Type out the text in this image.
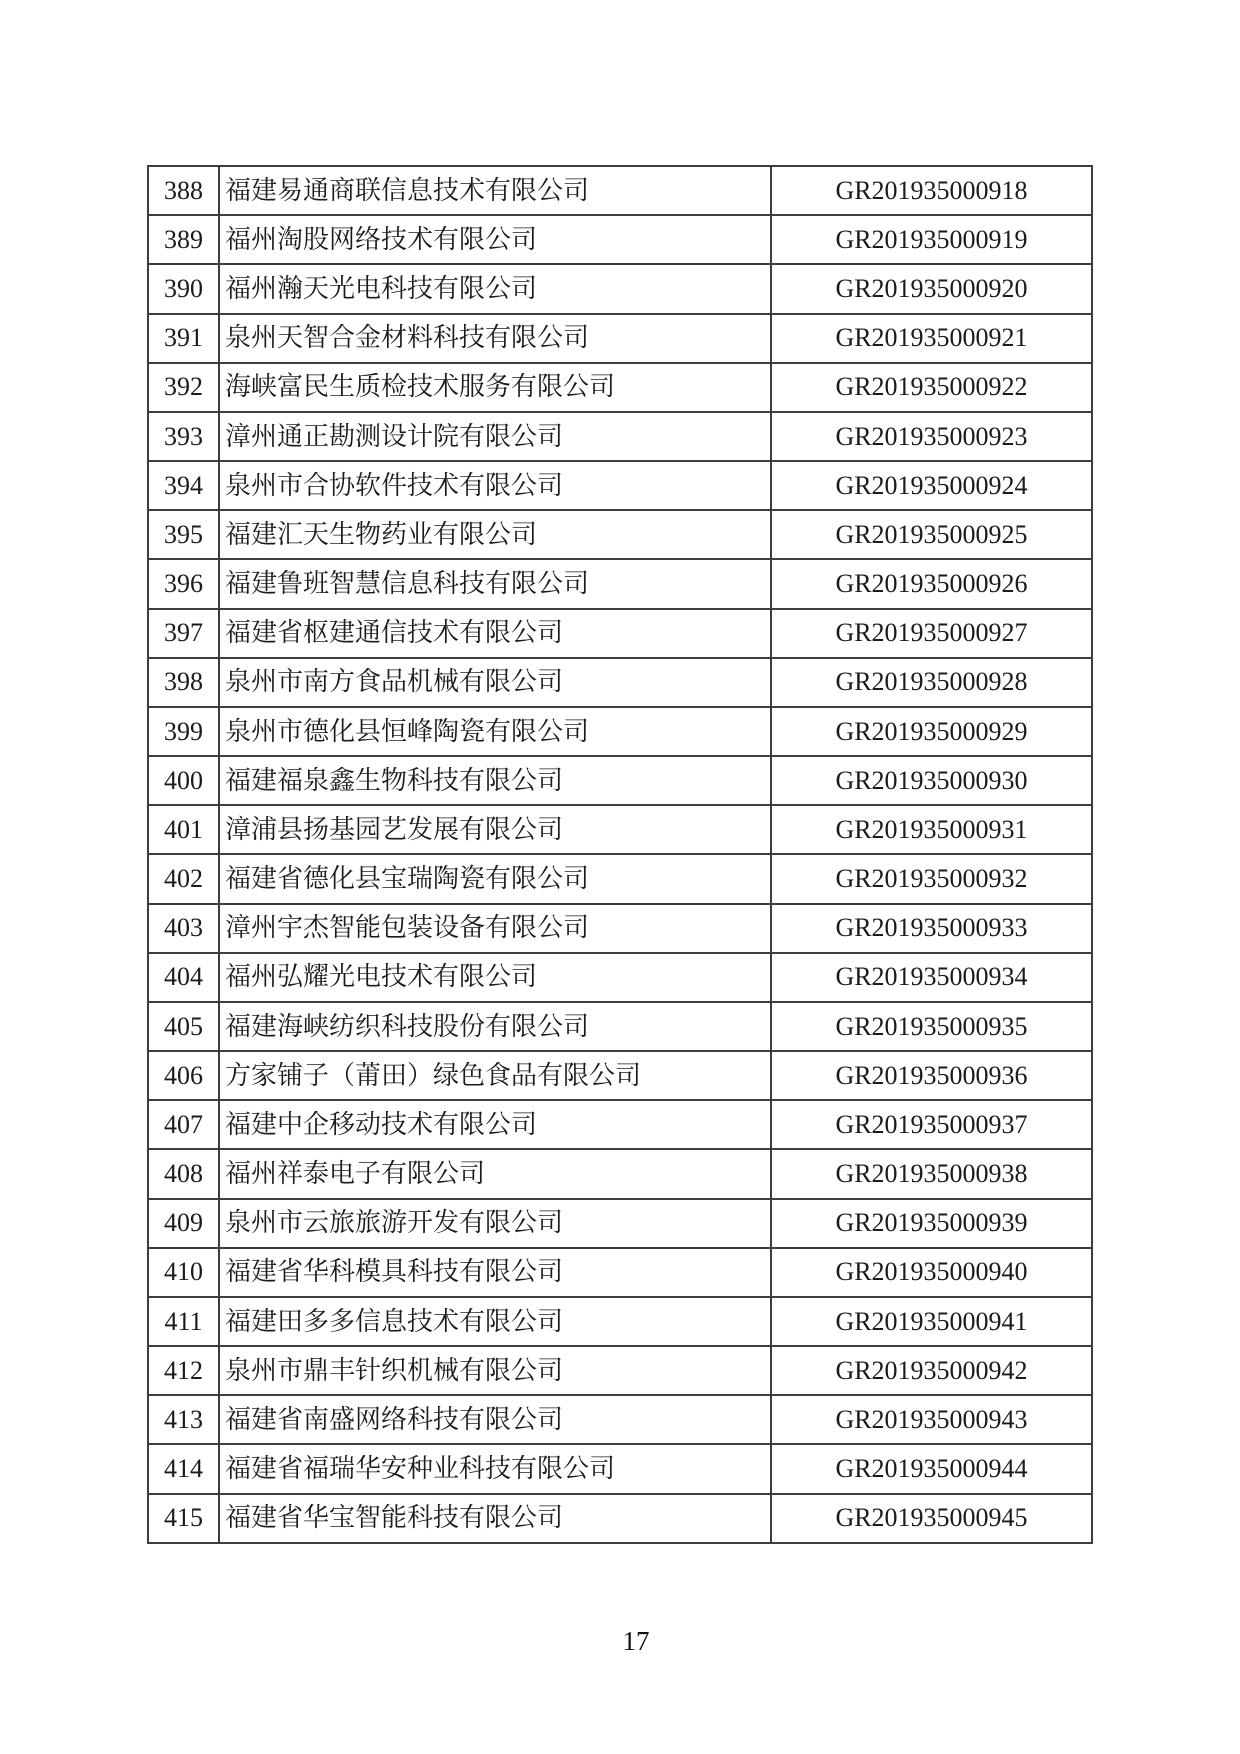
388	福建易通商联信息技术有限公司	GR201935000918
389	福州淘股网络技术有限公司	GR201935000919
390	福州瀚天光电科技有限公司	GR201935000920
391	泉州天智合金材料科技有限公司	GR201935000921
392	海峡富民生质检技术服务有限公司	GR201935000922
393	漳州通正勘测设计院有限公司	GR201935000923
394	泉州市合协软件技术有限公司	GR201935000924
395	福建汇天生物药业有限公司	GR201935000925
396	福建鲁班智慧信息科技有限公司	GR201935000926
397	福建省枢建通信技术有限公司	GR201935000927
398	泉州市南方食品机械有限公司	GR201935000928
399	泉州市德化县恒峰陶瓷有限公司	GR201935000929
400	福建福泉鑫生物科技有限公司	GR201935000930
401	漳浦县扬基园艺发展有限公司	GR201935000931
402	福建省德化县宝瑞陶瓷有限公司	GR201935000932
403	漳州宇杰智能包装设备有限公司	GR201935000933
404	福州弘耀光电技术有限公司	GR201935000934
405	福建海峡纺织科技股份有限公司	GR201935000935
406	方家铺子（莆田）绿色食品有限公司	GR201935000936
407	福建中企移动技术有限公司	GR201935000937
408	福州祥泰电子有限公司	GR201935000938
409	泉州市云旅旅游开发有限公司	GR201935000939
410	福建省华科模具科技有限公司	GR201935000940
411	福建田多多信息技术有限公司	GR201935000941
412	泉州市鼎丰针织机械有限公司	GR201935000942
413	福建省南盛网络科技有限公司	GR201935000943
414	福建省福瑞华安种业科技有限公司	GR201935000944
415	福建省华宝智能科技有限公司	GR201935000945
17
